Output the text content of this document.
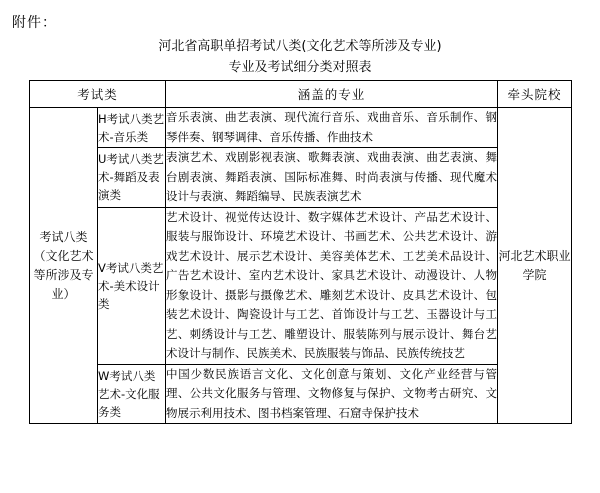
附件：
河北省高职单招考试八类(文化艺术等所涉及专业)
专业及考试细分类对照表
考试类		涵盖的专业	牵头院校
考试八类（文化艺术等所涉及专业）	H考试八类艺术-音乐类	音乐表演、曲艺表演、现代流行音乐、戏曲音乐、音乐制作、钢琴伴奏、钢琴调律、音乐传播、作曲技术	河北艺术职业学院
	U考试八类艺术-舞蹈及表演类	表演艺术、戏剧影视表演、歌舞表演、戏曲表演、曲艺表演、舞台剧表演、舞蹈表演、国际标准舞、时尚表演与传播、现代魔术设计与表演、舞蹈编导、民族表演艺术	
	V考试八类艺术-美术设计类	艺术设计、视觉传达设计、数字媒体艺术设计、产品艺术设计、服装与服饰设计、环境艺术设计、书画艺术、公共艺术设计、游戏艺术设计、展示艺术设计、美容美体艺术、工艺美术品设计、广告艺术设计、室内艺术设计、家具艺术设计、动漫设计、人物形象设计、摄影与摄像艺术、雕刻艺术设计、皮具艺术设计、包装艺术设计、陶瓷设计与工艺、首饰设计与工艺、玉器设计与工艺、刺绣设计与工艺、雕塑设计、服装陈列与展示设计、舞台艺术设计与制作、民族美术、民族服装与饰品、民族传统技艺	
	W考试八类艺术-文化服务类	中国少数民族语言文化、文化创意与策划、文化产业经营与管理、公共文化服务与管理、文物修复与保护、文物考古研究、文物展示利用技术、图书档案管理、石窟寺保护技术	
